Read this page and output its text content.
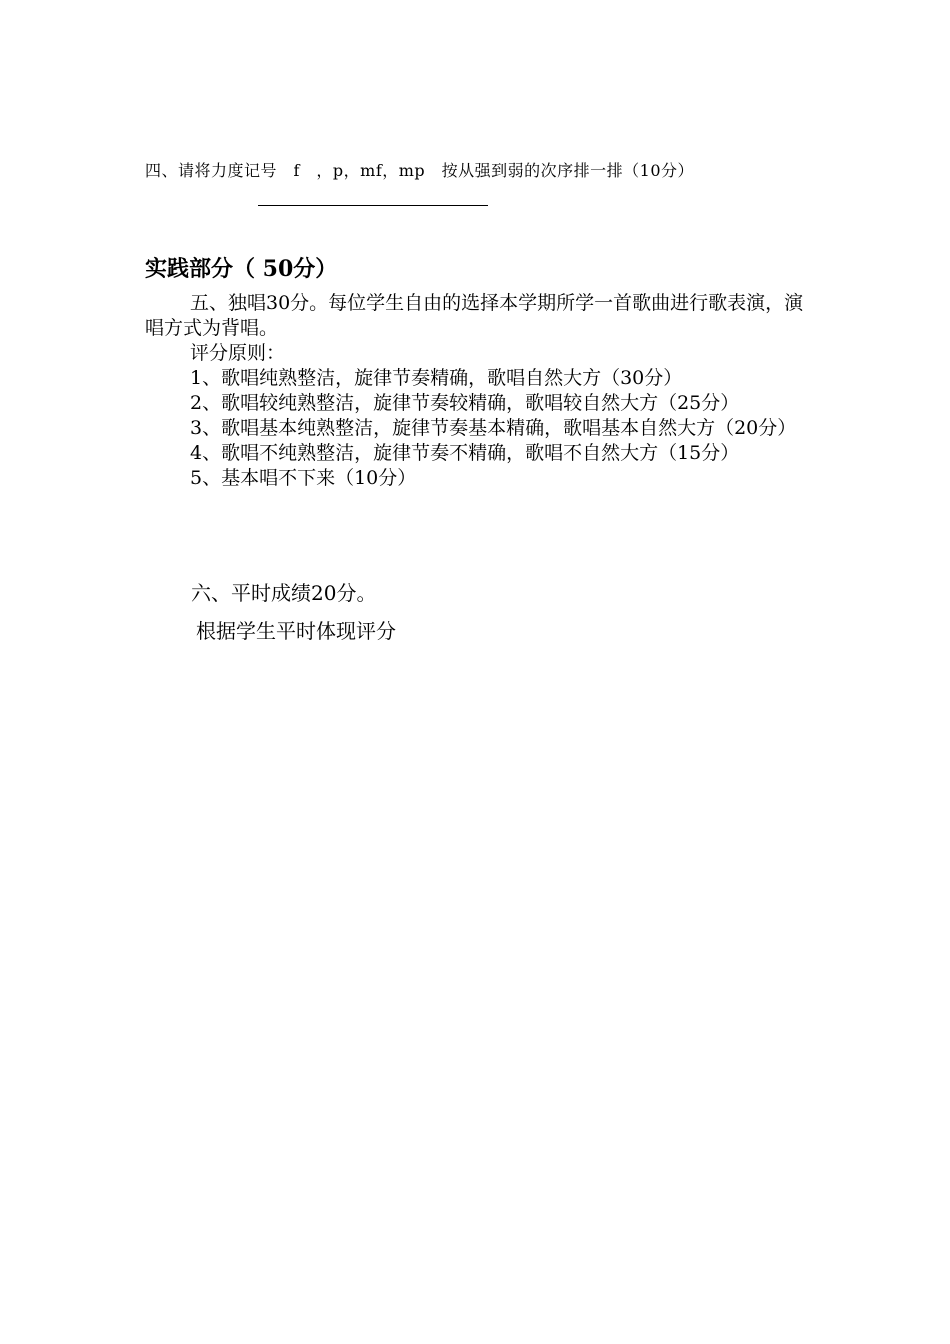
四、请将力度记号　f　，p，mf，mp　按从强到弱的次序排一排（10分）
实践部分（ 50分）

五、独唱30分。每位学生自由的选择本学期所学一首歌曲进行歌表演，演唱方式为背唱。

评分原则：

1、歌唱纯熟整洁，旋律节奏精确，歌唱自然大方（30分）

2、歌唱较纯熟整洁，旋律节奏较精确，歌唱较自然大方（25分）

3、歌唱基本纯熟整洁，旋律节奏基本精确，歌唱基本自然大方（20分）

4、歌唱不纯熟整洁，旋律节奏不精确，歌唱不自然大方（15分）

5、基本唱不下来（10分）

六、平时成绩20分。
根据学生平时体现评分
